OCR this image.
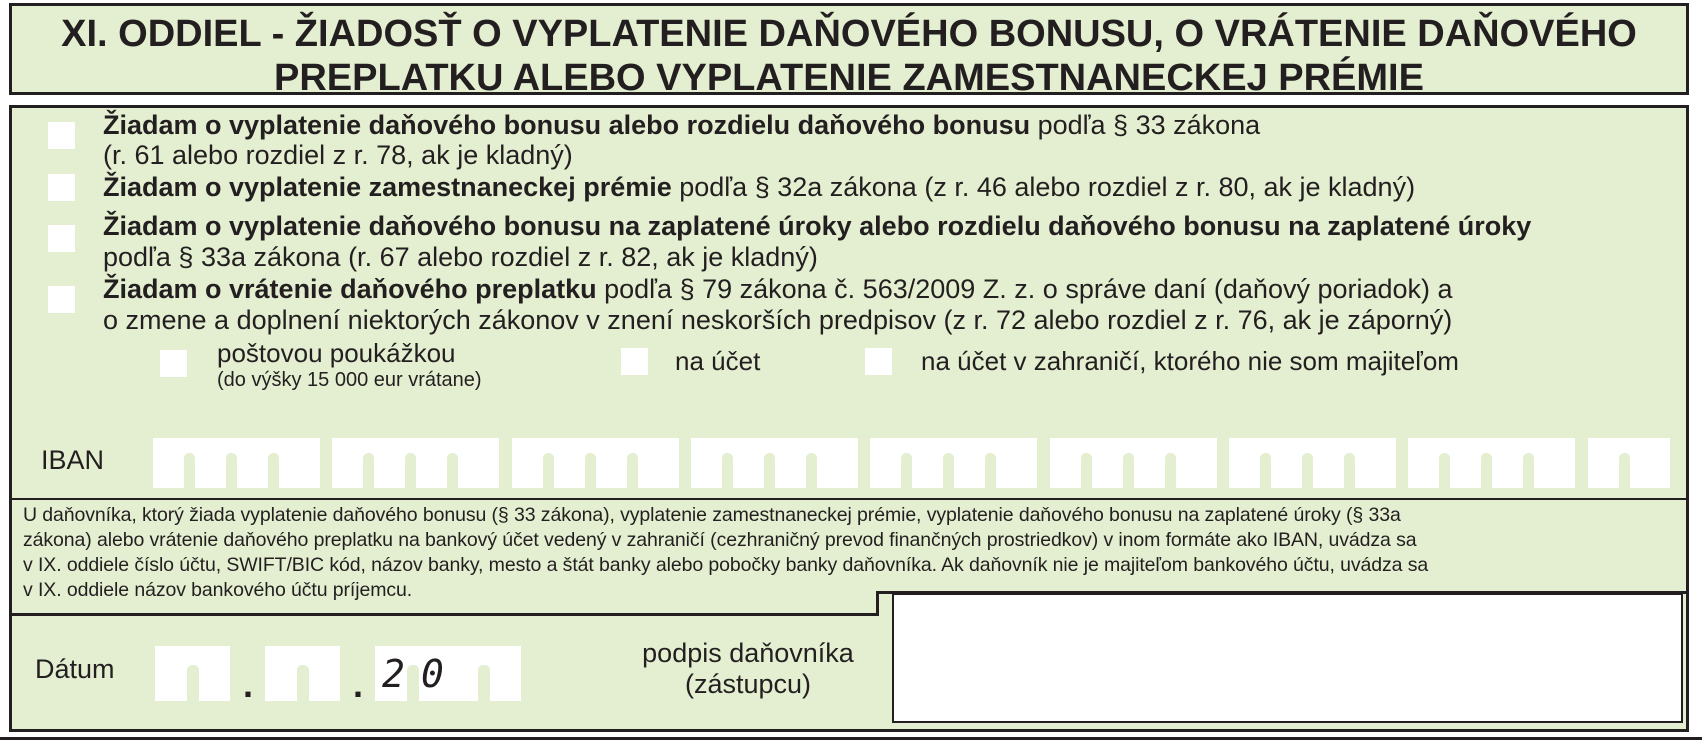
XI. ODDIEL - ŽIADOSŤ O VYPLATENIE DAŇOVÉHO BONUSU, O VRÁTENIE DAŇOVÉHO
PREPLATKU ALEBO VYPLATENIE ZAMESTNANECKEJ PRÉMIE
Žiadam o vyplatenie daňového bonusu alebo rozdielu daňového bonusu podľa § 33 zákona
(r. 61 alebo rozdiel z r. 78, ak je kladný)
Žiadam o vyplatenie zamestnaneckej prémie podľa § 32a zákona (z r. 46 alebo rozdiel z r. 80, ak je kladný)
Žiadam o vyplatenie daňového bonusu na zaplatené úroky alebo rozdielu daňového bonusu na zaplatené úroky
podľa § 33a zákona (r. 67 alebo rozdiel z r. 82, ak je kladný)
Žiadam o vrátenie daňového preplatku podľa § 79 zákona č. 563/2009 Z. z. o správe daní (daňový poriadok) a
o zmene a doplnení niektorých zákonov v znení neskorších predpisov (z r. 72 alebo rozdiel z r. 76, ak je záporný)
poštovou poukážkou
(do výšky 15 000 eur vrátane)
na účet	na účet v zahraničí, ktorého nie som majiteľom
IBAN
U daňovníka, ktorý žiada vyplatenie daňového bonusu (§ 33 zákona), vyplatenie zamestnaneckej prémie, vyplatenie daňového bonusu na zaplatené úroky (§ 33a
zákona) alebo vrátenie daňového preplatku na bankový účet vedený v zahraničí (cezhraničný prevod finančných prostriedkov) v inom formáte ako IBAN, uvádza sa
v IX. oddiele číslo účtu, SWIFT/BIC kód, názov banky, mesto a štát banky alebo pobočky banky daňovníka. Ak daňovník nie je majiteľom bankového účtu, uvádza sa
v IX. oddiele názov bankového účtu príjemcu.
Dátum	.	. 2 0	podpis daňovníka
(zástupcu)
